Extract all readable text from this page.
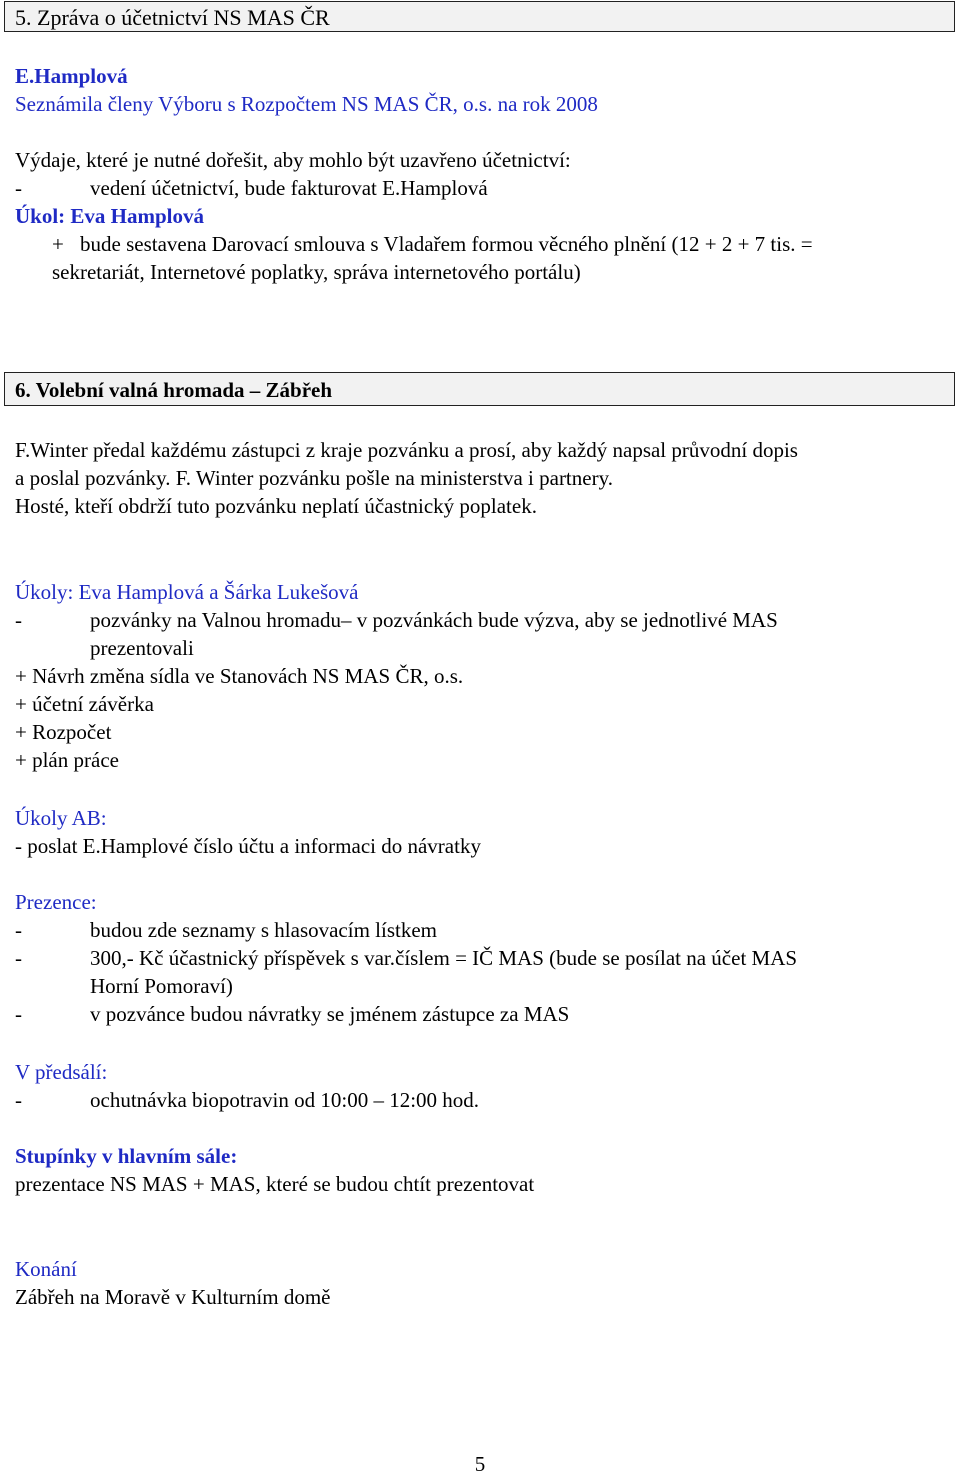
5. Zpráva o účetnictví NS MAS ČR
E.Hamplová
Seznámila členy Výboru s Rozpočtem NS MAS ČR, o.s. na rok 2008
Výdaje, které je nutné dořešit, aby mohlo být uzavřeno účetnictví:
-	vedení účetnictví, bude fakturovat E.Hamplová
Úkol: Eva Hamplová
+ bude sestavena Darovací smlouva s Vladařem formou věcného plnění (12 + 2 + 7 tis. =
sekretariát, Internetové poplatky, správa internetového portálu)
6. Volební valná hromada – Zábřeh
F.Winter předal každému zástupci z kraje pozvánku a prosí, aby každý napsal průvodní dopis
a poslal pozvánky. F. Winter pozvánku pošle na ministerstva i partnery.
Hosté, kteří obdrží tuto pozvánku neplatí účastnický poplatek.
Úkoly: Eva Hamplová a Šárka Lukešová
-	pozvánky na Valnou hromadu– v pozvánkách bude výzva, aby se jednotlivé MAS
prezentovali
+ Návrh změna sídla ve Stanovách NS MAS ČR, o.s.
+ účetní závěrka
+ Rozpočet
+ plán práce
Úkoly AB:
- poslat E.Hamplové číslo účtu a informaci do návratky
Prezence:
-	budou zde seznamy s hlasovacím lístkem
-	300,- Kč účastnický příspěvek s var.číslem = IČ MAS (bude se posílat na účet MAS
Horní Pomoraví)
-	v pozvánce budou návratky se jménem zástupce za MAS
V předsálí:
-	ochutnávka biopotravin od 10:00 – 12:00 hod.
Stupínky v hlavním sále:
prezentace NS MAS + MAS, které se budou chtít prezentovat
Konání
Zábřeh na Moravě v Kulturním domě
5
